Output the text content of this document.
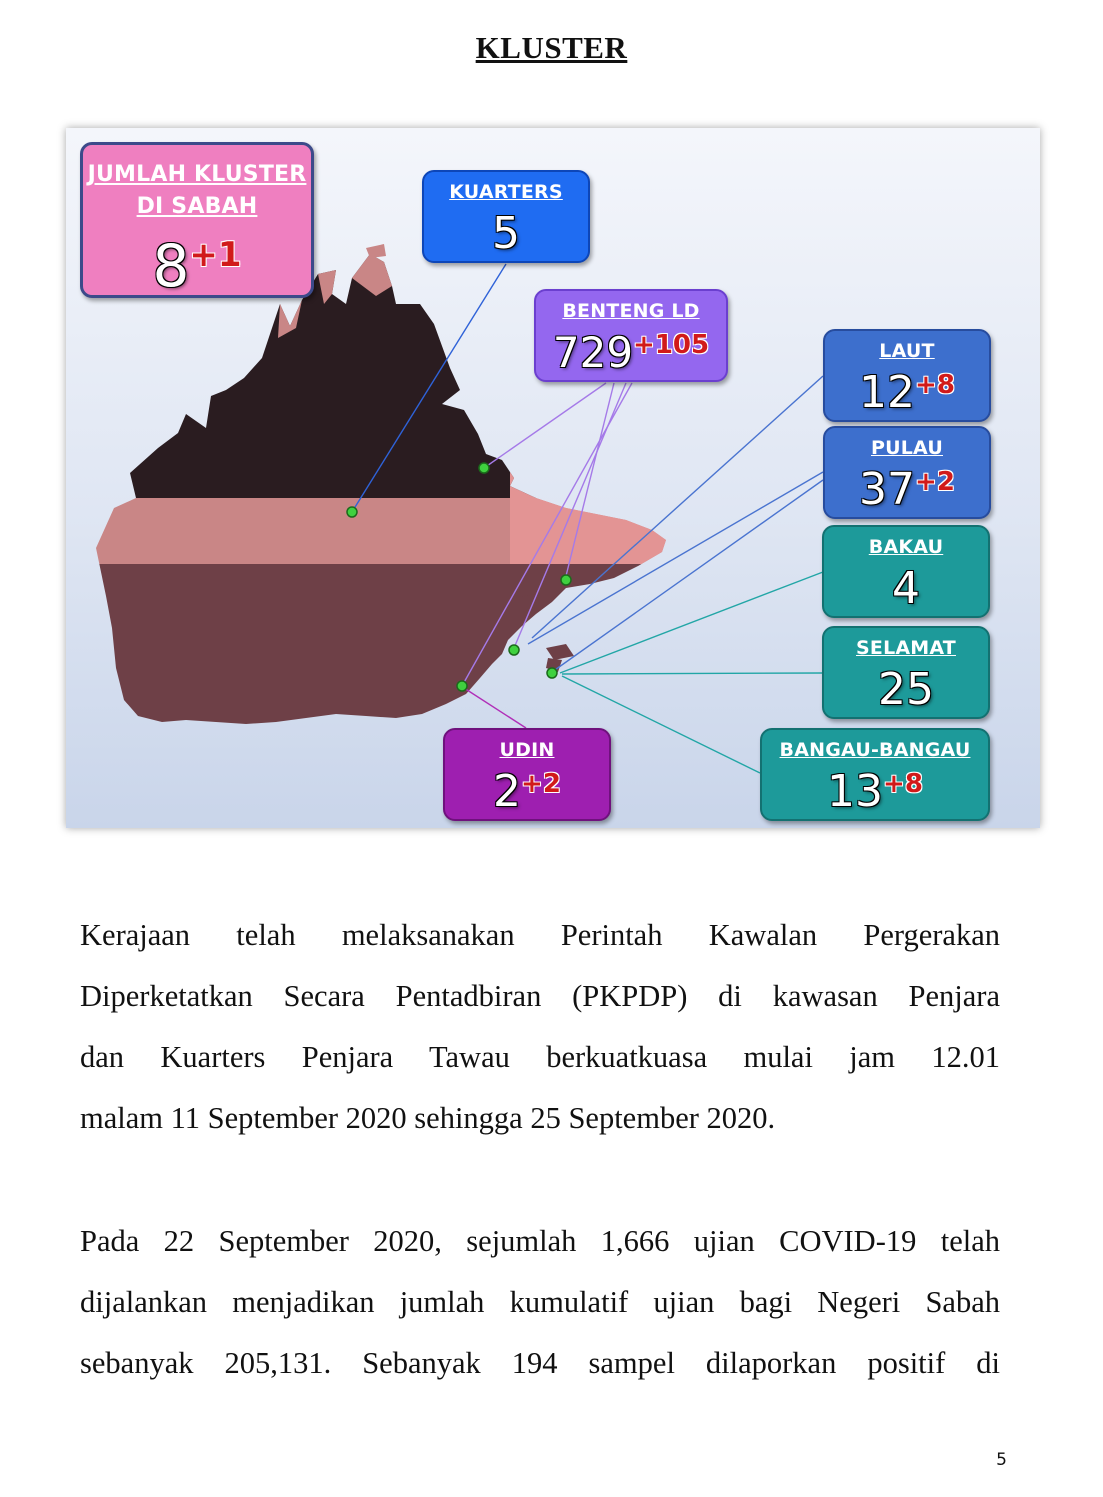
KLUSTER
JUMLAH KLUSTER
DI SABAH
$8^{+1}$
KUARTERS
5
BENTENG LD
$729^{+105}$	LAUT
$12^{+8}$
PULAU
$37^{+2}$
BAKAU
4
SELAMAT
25
BANGAU-BANGAU
$13^{+8}$
UDIN
$2^{+2}$
Kerajaan telah melaksanakan Perintah Kawalan Pergerakan
Diperketatkan Secara Pentadbiran (PKPDP) di kawasan Penjara
dan Kuarters Penjara Tawau berkuatkuasa mulai jam 12.01
malam 11 September 2020 sehingga 25 September 2020.
Pada 22 September 2020, sejumlah 1,666 ujian COVID-19 telah
dijalankan menjadikan jumlah kumulatif ujian bagi Negeri Sabah
sebanyak 205,131. Sebanyak 194 sampel dilaporkan positif di
5
